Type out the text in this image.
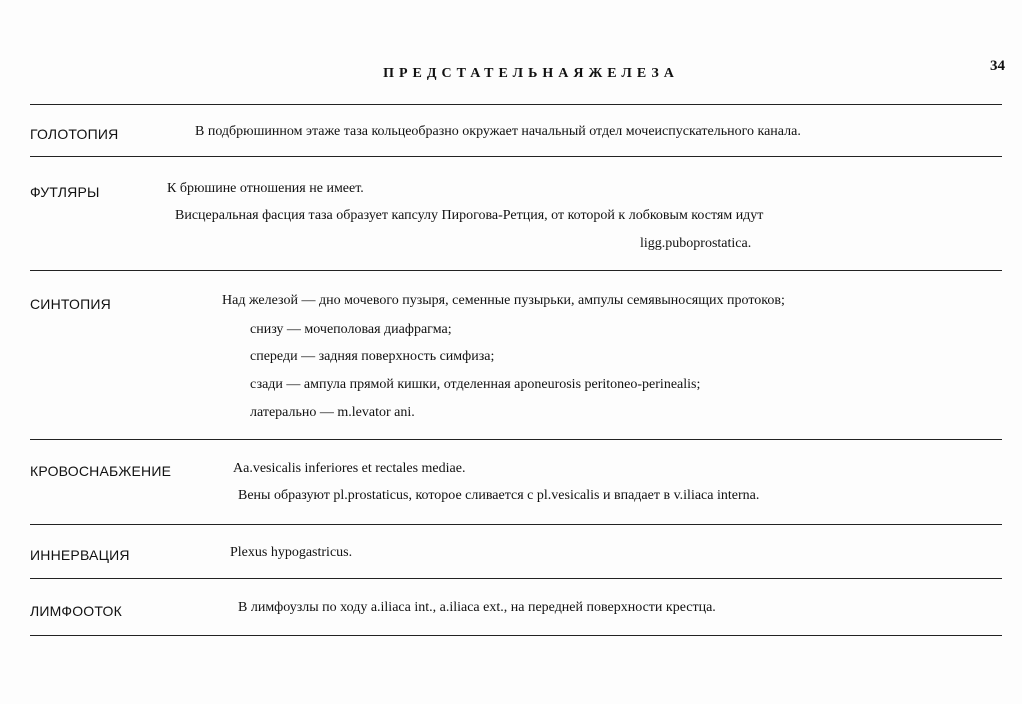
34
ПРЕДСТАТЕЛЬНАЯЖЕЛЕЗА
ГОЛОТОПИЯ	В подбрюшинном этаже таза кольцеобразно окружает начальный отдел мочеиспускательного канала.
ФУТЛЯРЫ	К брюшине отношения не имеет.
Висцеральная фасция таза образует капсулу Пирогова-Ретция, от которой к лобковым костям идут
ligg.puboprostatica.
СИНТОПИЯ	Над железой — дно мочевого пузыря, семенные пузырьки, ампулы семявыносящих протоков;
снизу — мочеполовая диафрагма;
спереди — задняя поверхность симфиза;
сзади — ампула прямой кишки, отделенная aponeurosis peritoneo-perinealis;
латерально — m.levator ani.
КРОВОСНАБЖЕНИЕ	Aa.vesicalis inferiores et rectales mediae.
Вены образуют pl.prostaticus, которое сливается с pl.vesicalis и впадает в v.iliaca interna.
ИННЕРВАЦИЯ	Plexus hypogastricus.
ЛИМФООТОК	В лимфоузлы по ходу a.iliaca int., a.iliaca ext., на передней поверхности крестца.
